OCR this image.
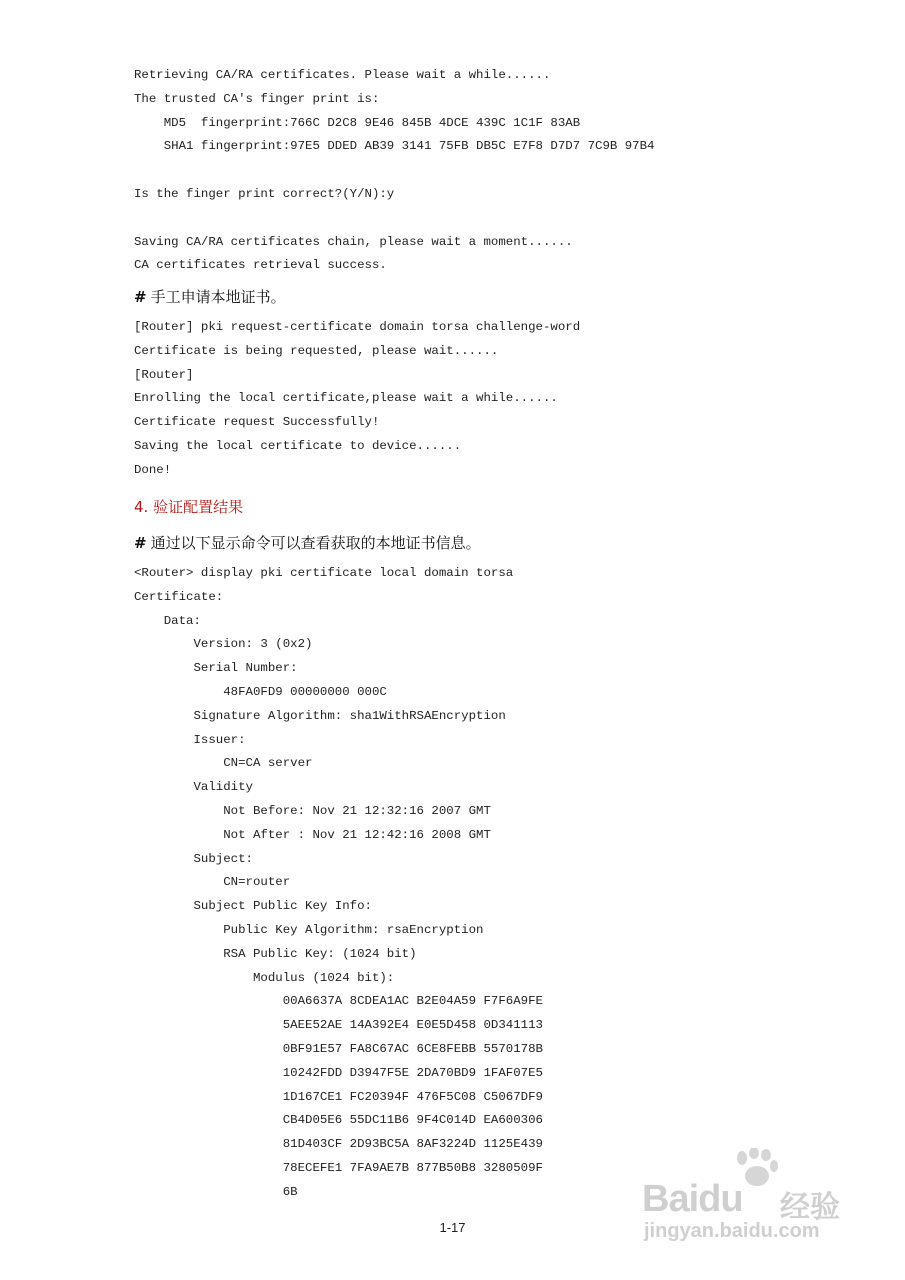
Retrieving CA/RA certificates. Please wait a while......
The trusted CA's finger print is:
MD5  fingerprint:766C D2C8 9E46 845B 4DCE 439C 1C1F 83AB
SHA1 fingerprint:97E5 DDED AB39 3141 75FB DB5C E7F8 D7D7 7C9B 97B4
Is the finger print correct?(Y/N):y
Saving CA/RA certificates chain, please wait a moment......
CA certificates retrieval success.
# 手工申请本地证书。
[Router] pki request-certificate domain torsa challenge-word
Certificate is being requested, please wait......
[Router]
Enrolling the local certificate,please wait a while......
Certificate request Successfully!
Saving the local certificate to device......
Done!
4. 验证配置结果
# 通过以下显示命令可以查看获取的本地证书信息。
<Router> display pki certificate local domain torsa
Certificate:
Data:
Version: 3 (0x2)
Serial Number:
48FA0FD9 00000000 000C
Signature Algorithm: sha1WithRSAEncryption
Issuer:
CN=CA server
Validity
Not Before: Nov 21 12:32:16 2007 GMT
Not After : Nov 21 12:42:16 2008 GMT
Subject:
CN=router
Subject Public Key Info:
Public Key Algorithm: rsaEncryption
RSA Public Key: (1024 bit)
Modulus (1024 bit):
00A6637A 8CDEA1AC B2E04A59 F7F6A9FE
5AEE52AE 14A392E4 E0E5D458 0D341113
0BF91E57 FA8C67AC 6CE8FEBB 5570178B
10242FDD D3947F5E 2DA70BD9 1FAF07E5
1D167CE1 FC20394F 476F5C08 C5067DF9
CB4D05E6 55DC11B6 9F4C014D EA600306
81D403CF 2D93BC5A 8AF3224D 1125E439
78ECEFE1 7FA9AE7B 877B50B8 3280509F
6B
1-17
Baidu 经验
jingyan.baidu.com
